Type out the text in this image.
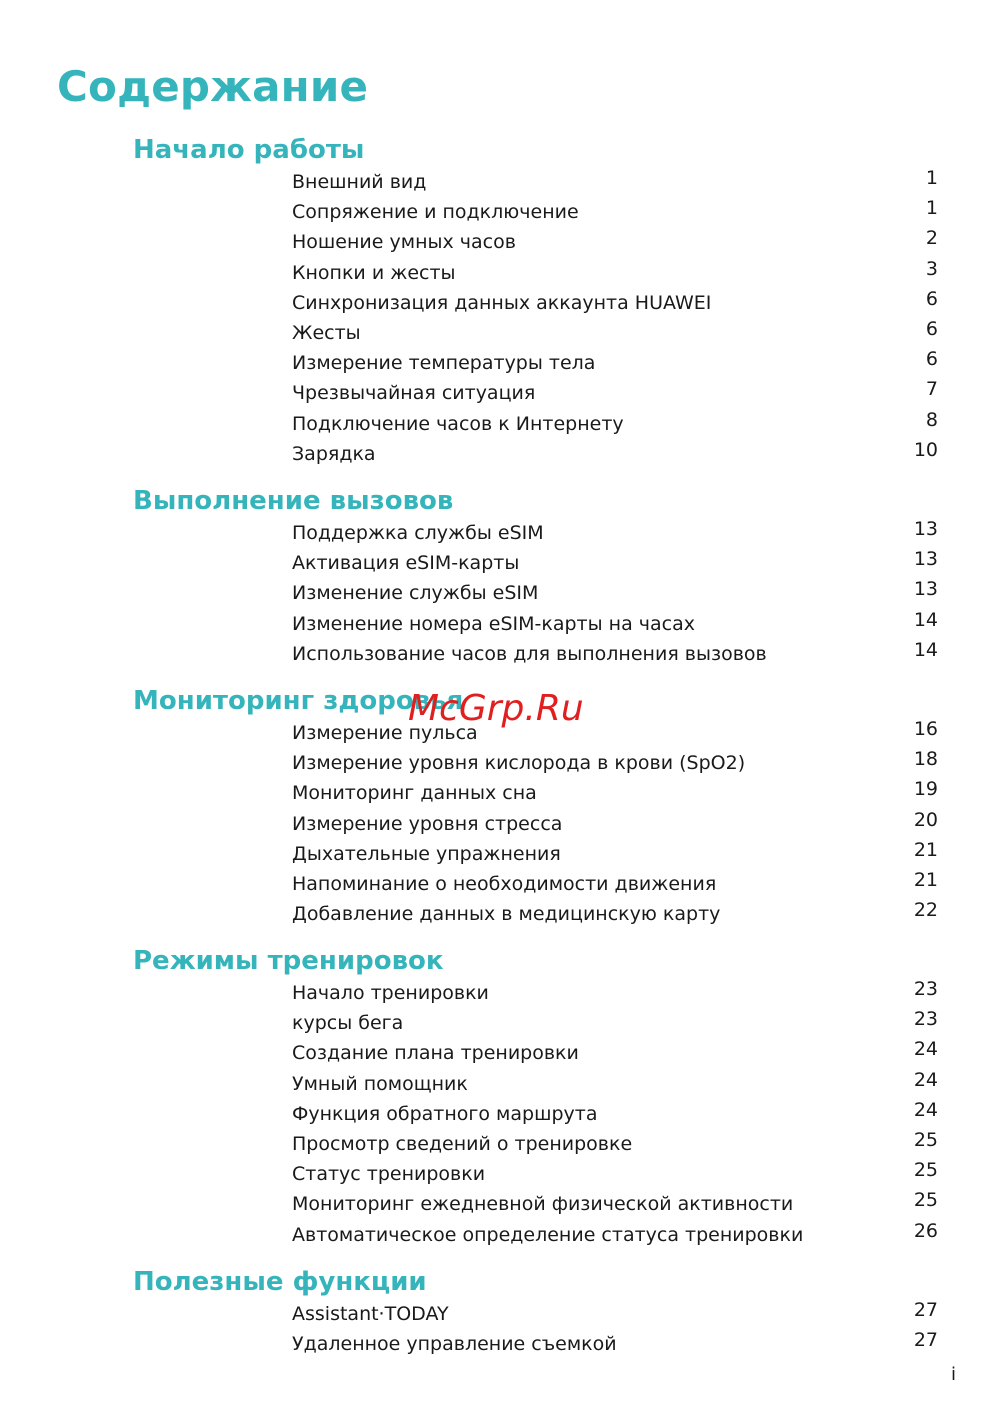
Содержание
Начало работы
Внешний вид	1
Сопряжение и подключение	1
Ношение умных часов	2
Кнопки и жесты	3
Синхронизация данных аккаунта HUAWEI	6
Жесты	6
Измерение температуры тела	6
Чрезвычайная ситуация	7
Подключение часов к Интернету	8
Зарядка	10
Выполнение вызовов
Поддержка службы eSIM	13
Активация eSIM-карты	13
Изменение службы eSIM	13
Изменение номера eSIM-карты на часах	14
Использование часов для выполнения вызовов	14
Мониторинг здоровья
Измерение пульса	16
Измерение уровня кислорода в крови (SpO2)	18
Мониторинг данных сна	19
Измерение уровня стресса	20
Дыхательные упражнения	21
Напоминание о необходимости движения	21
Добавление данных в медицинскую карту	22
Режимы тренировок
Начало тренировки	23
курсы бега	23
Создание плана тренировки	24
Умный помощник	24
Функция обратного маршрута	24
Просмотр сведений о тренировке	25
Статус тренировки	25
Мониторинг ежедневной физической активности	25
Автоматическое определение статуса тренировки	26
Полезные функции
Assistant·TODAY	27
Удаленное управление съемкой	27
McGrp.Ru
i
